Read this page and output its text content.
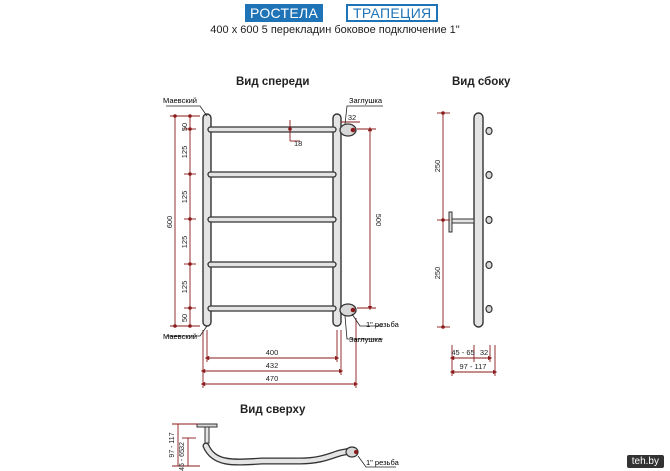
РОСТЕЛА	ТРАПЕЦИЯ
400 х 600 5 перекладин боковое подключение 1"
Вид спереди	Вид сбоку
Вид сверху
Маевский
Маевский
Заглушка
Заглушка
1" резьба
50
125
125
125
125
50
600	500
32
18
400
432
470
250
250
45 - 65 32
97 - 117
97 - 117 32
45 - 65	1" резьба	teh.by
